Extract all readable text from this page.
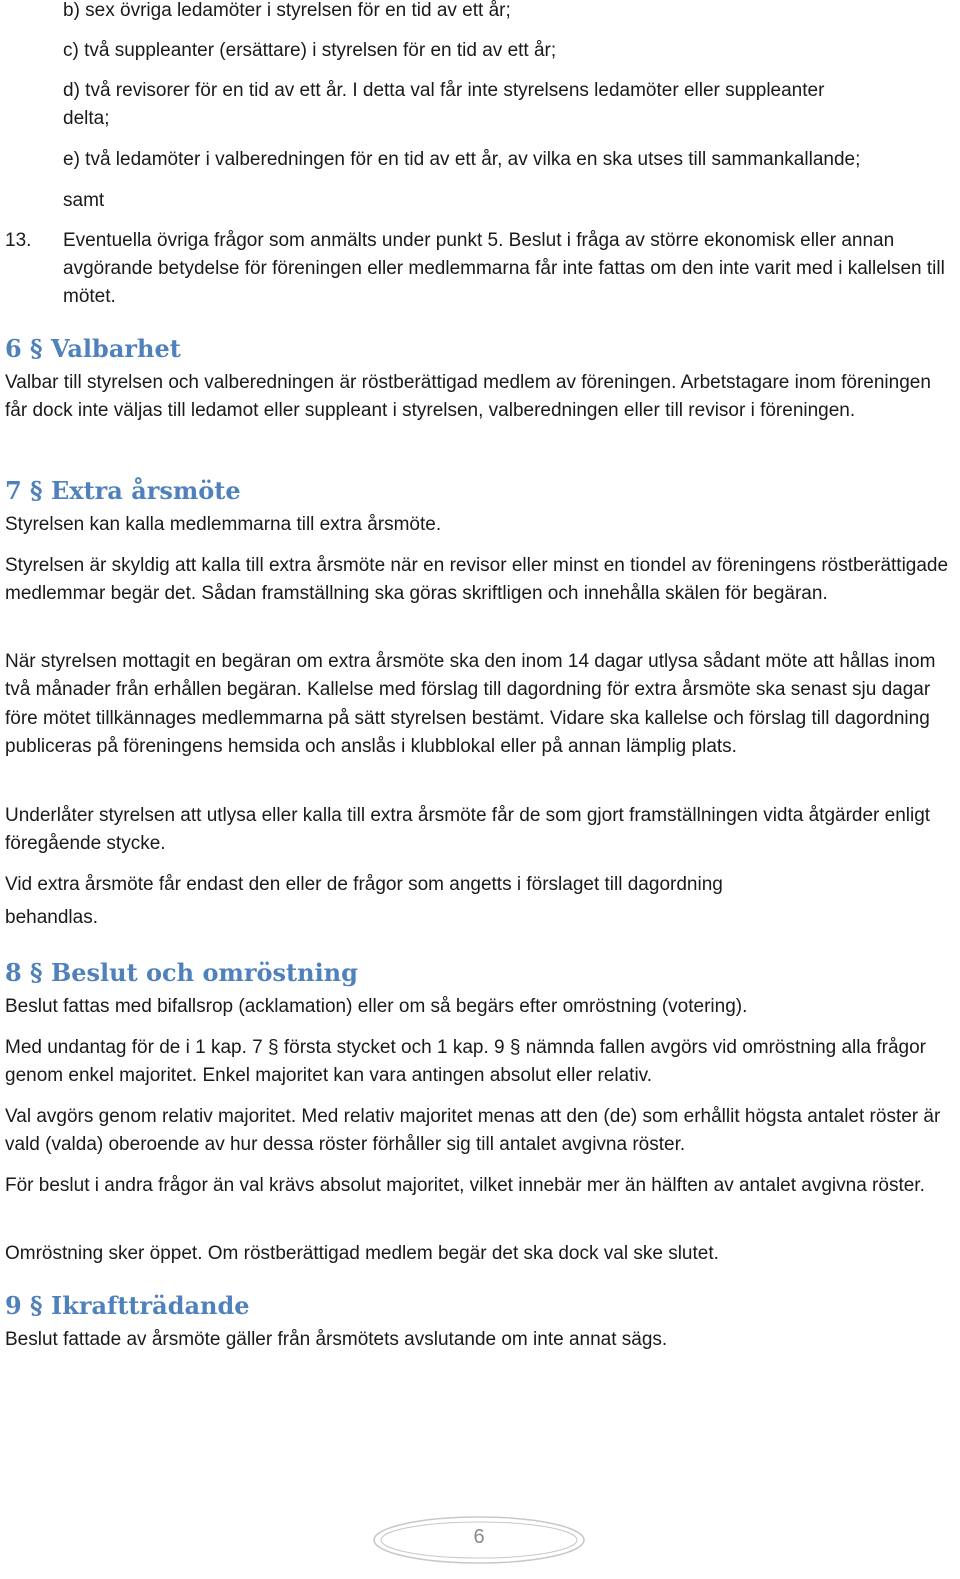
b) sex övriga ledamöter i styrelsen för en tid av ett år;
c) två suppleanter (ersättare) i styrelsen för en tid av ett år;
d) två revisorer för en tid av ett år. I detta val får inte styrelsens ledamöter eller suppleanter
delta;
e) två ledamöter i valberedningen för en tid av ett år, av vilka en ska utses till sammankallande;
samt
13. Eventuella övriga frågor som anmälts under punkt 5. Beslut i fråga av större ekonomisk eller annan avgörande betydelse för föreningen eller medlemmarna får inte fattas om den inte varit med i kallelsen till mötet.
6 § Valbarhet
Valbar till styrelsen och valberedningen är röstberättigad medlem av föreningen. Arbetstagare inom föreningen får dock inte väljas till ledamot eller suppleant i styrelsen, valberedningen eller till revisor i föreningen.
7 § Extra årsmöte
Styrelsen kan kalla medlemmarna till extra årsmöte.
Styrelsen är skyldig att kalla till extra årsmöte när en revisor eller minst en tiondel av föreningens röstberättigade medlemmar begär det. Sådan framställning ska göras skriftligen och innehålla skälen för begäran.
När styrelsen mottagit en begäran om extra årsmöte ska den inom 14 dagar utlysa sådant möte att hållas inom två månader från erhållen begäran. Kallelse med förslag till dagordning för extra årsmöte ska senast sju dagar före mötet tillkännages medlemmarna på sätt styrelsen bestämt. Vidare ska kallelse och förslag till dagordning publiceras på föreningens hemsida och anslås i klubblokal eller på annan lämplig plats.
Underlåter styrelsen att utlysa eller kalla till extra årsmöte får de som gjort framställningen vidta åtgärder enligt föregående stycke.
Vid extra årsmöte får endast den eller de frågor som angetts i förslaget till dagordning
behandlas.
8 § Beslut och omröstning
Beslut fattas med bifallsrop (acklamation) eller om så begärs efter omröstning (votering).
Med undantag för de i 1 kap. 7 § första stycket och 1 kap. 9 § nämnda fallen avgörs vid omröstning alla frågor genom enkel majoritet. Enkel majoritet kan vara antingen absolut eller relativ.
Val avgörs genom relativ majoritet. Med relativ majoritet menas att den (de) som erhållit högsta antalet röster är vald (valda) oberoende av hur dessa röster förhåller sig till antalet avgivna röster.
För beslut i andra frågor än val krävs absolut majoritet, vilket innebär mer än hälften av antalet avgivna röster.
Omröstning sker öppet. Om röstberättigad medlem begär det ska dock val ske slutet.
9 § Ikraftträdande
Beslut fattade av årsmöte gäller från årsmötets avslutande om inte annat sägs.
6
